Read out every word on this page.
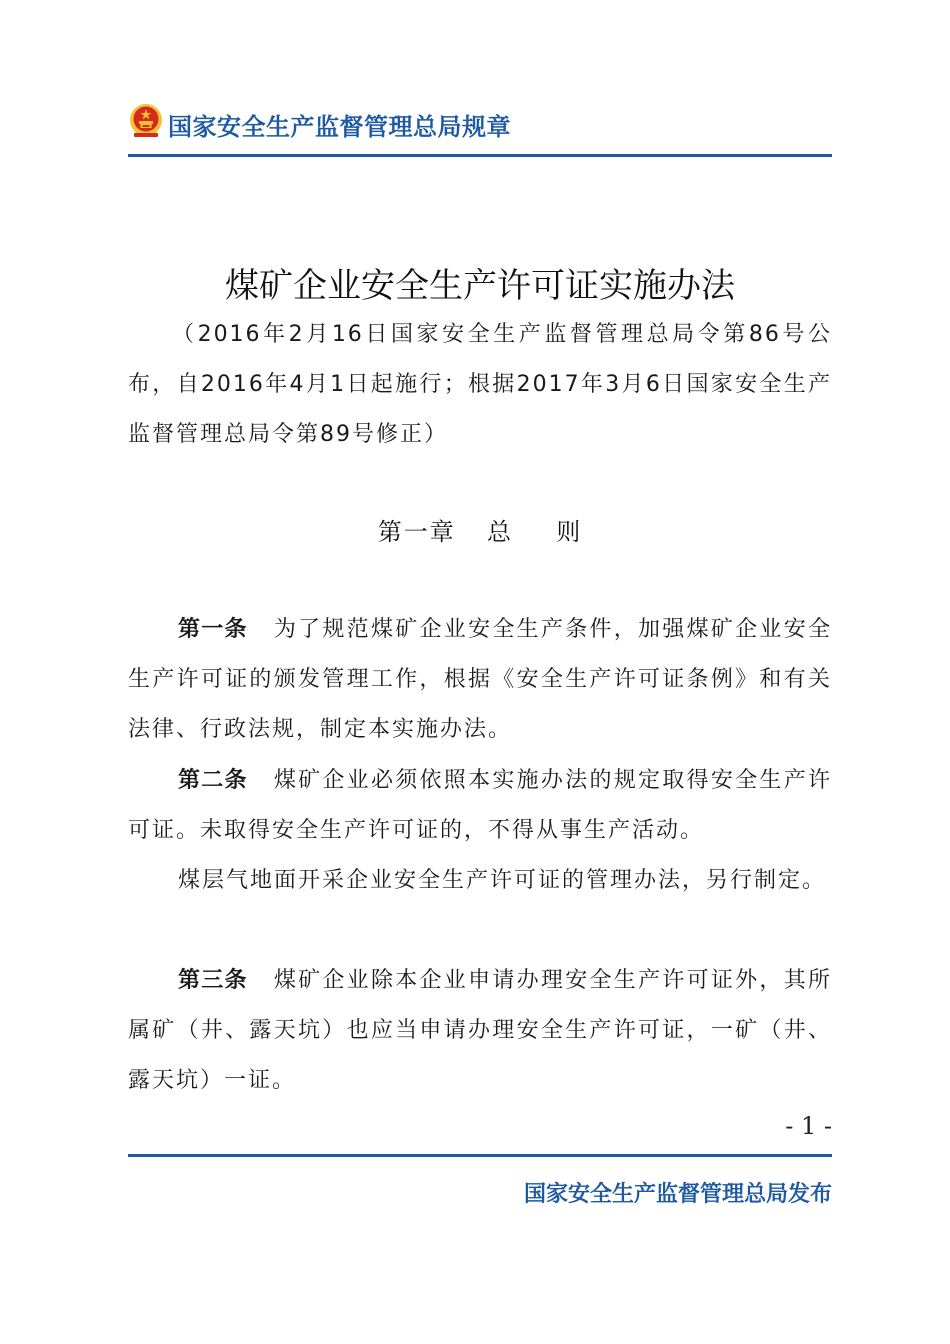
国家安全生产监督管理总局规章
煤矿企业安全生产许可证实施办法
（2016年2月16日国家安全生产监督管理总局令第86号公布，自2016年4月1日起施行；根据2017年3月6日国家安全生产监督管理总局令第89号修正）
第一章 总 则
第一条 为了规范煤矿企业安全生产条件，加强煤矿企业安全生产许可证的颁发管理工作，根据《安全生产许可证条例》和有关法律、行政法规，制定本实施办法。
第二条 煤矿企业必须依照本实施办法的规定取得安全生产许可证。未取得安全生产许可证的，不得从事生产活动。
煤层气地面开采企业安全生产许可证的管理办法，另行制定。
第三条 煤矿企业除本企业申请办理安全生产许可证外，其所属矿（井、露天坑）也应当申请办理安全生产许可证，一矿（井、露天坑）一证。
- 1 -
国家安全生产监督管理总局发布
